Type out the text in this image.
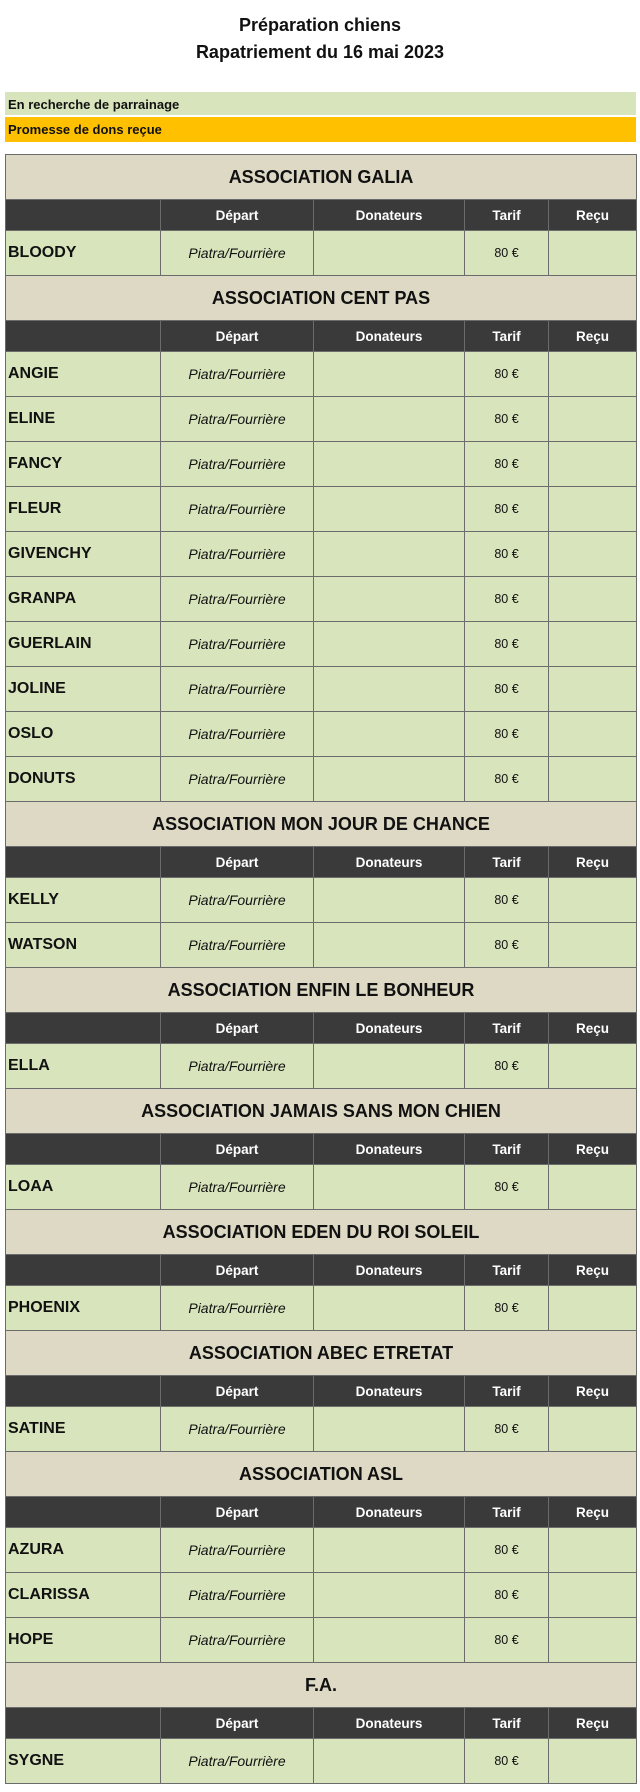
Préparation chiens
Rapatriement du 16 mai 2023
En recherche de parrainage
Promesse de dons reçue
ASSOCIATION GALIA				
	Départ	Donateurs	Tarif	Reçu
BLOODY	Piatra/Fourrière		80 €	
ASSOCIATION CENT PAS				
	Départ	Donateurs	Tarif	Reçu
ANGIE	Piatra/Fourrière		80 €	
ELINE	Piatra/Fourrière		80 €	
FANCY	Piatra/Fourrière		80 €	
FLEUR	Piatra/Fourrière		80 €	
GIVENCHY	Piatra/Fourrière		80 €	
GRANPA	Piatra/Fourrière		80 €	
GUERLAIN	Piatra/Fourrière		80 €	
JOLINE	Piatra/Fourrière		80 €	
OSLO	Piatra/Fourrière		80 €	
DONUTS	Piatra/Fourrière		80 €	
ASSOCIATION MON JOUR DE CHANCE				
	Départ	Donateurs	Tarif	Reçu
KELLY	Piatra/Fourrière		80 €	
WATSON	Piatra/Fourrière		80 €	
ASSOCIATION ENFIN LE BONHEUR				
	Départ	Donateurs	Tarif	Reçu
ELLA	Piatra/Fourrière		80 €	
ASSOCIATION JAMAIS SANS MON CHIEN				
	Départ	Donateurs	Tarif	Reçu
LOAA	Piatra/Fourrière		80 €	
ASSOCIATION EDEN DU ROI SOLEIL				
	Départ	Donateurs	Tarif	Reçu
PHOENIX	Piatra/Fourrière		80 €	
ASSOCIATION ABEC ETRETAT				
	Départ	Donateurs	Tarif	Reçu
SATINE	Piatra/Fourrière		80 €	
ASSOCIATION ASL				
	Départ	Donateurs	Tarif	Reçu
AZURA	Piatra/Fourrière		80 €	
CLARISSA	Piatra/Fourrière		80 €	
HOPE	Piatra/Fourrière		80 €	
F.A.				
	Départ	Donateurs	Tarif	Reçu
SYGNE	Piatra/Fourrière		80 €	
